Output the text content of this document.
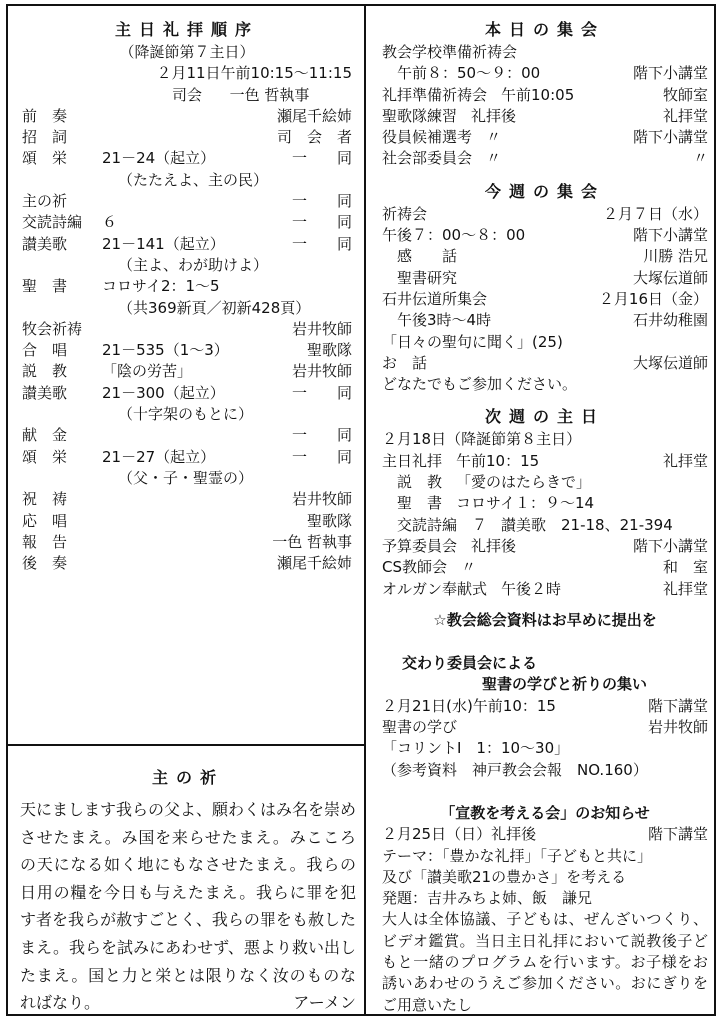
主日礼拝順序
（降誕節第７主日）
２月11日午前10:15～11:15
司会 一色 哲執事
前　奏	瀬尾千絵姉
招　詞	司　会　者
頌　栄	21－24（起立）	一　　同
（たたえよ、主の民）
主の祈	一　　同
交読詩編	６	一　　同
讃美歌	21－141（起立）	一　　同
（主よ、わが助けよ）
聖　書	コロサイ2：1～5
（共369新頁／初新428頁）
牧会祈祷	岩井牧師
合　唱	21－535（1～3）	聖歌隊
説　教	「陰の労苦」	岩井牧師
讃美歌	21－300（起立）	一　　同
（十字架のもとに）
献　金	一　　同
頌　栄	21－27（起立）	一　　同
（父・子・聖霊の）
祝　祷	岩井牧師
応　唱	聖歌隊
報　告	一色 哲執事
後　奏	瀬尾千絵姉
主の祈
天にまします我らの父よ、願わくはみ名を崇めさせたまえ。み国を来らせたまえ。みこころの天になる如く地にもなさせたまえ。我らの日用の糧を今日も与えたまえ。我らに罪を犯す者を我らが赦すごとく、我らの罪をも赦したまえ。我らを試みにあわせず、悪より救い出したまえ。国と力と栄とは限りなく汝のものなればなり。	アーメン
本日の集会
教会学校準備祈祷会
　午前８：50～９：00	階下小講堂
礼拝準備祈祷会 午前10:05	牧師室
聖歌隊練習 礼拝後	礼拝堂
役員候補選考 〃	階下小講堂
社会部委員会 〃	〃
今週の集会
祈祷会	２月７日（水）
午後７：00～８：00	階下小講堂
　感　　話	川勝 浩兄
　聖書研究	大塚伝道師
石井伝道所集会	２月16日（金）
　午後3時～4時	石井幼稚園
「日々の聖句に聞く」(25)
お　話	大塚伝道師
どなたでもご参加ください。
次週の主日
２月18日（降誕節第８主日）
主日礼拝 午前10：15	礼拝堂
　説　教 「愛のはたらきで」
　聖　書 コロサイ１：９～14
　交読詩編　７ 讃美歌　21-18、21-394
予算委員会 礼拝後	階下小講堂
CS教師会 〃	和　室
オルガン奉献式 午後２時	礼拝堂
☆教会総会資料はお早めに提出を
交わり委員会による
聖書の学びと祈りの集い
２月21日(水)午前10：15	階下講堂
聖書の学び	岩井牧師
「コリントⅠ　1：10～30」
（参考資料　神戸教会会報　NO.160）
「宣教を考える会」のお知らせ
２月25日（日）礼拝後	階下講堂
テーマ：「豊かな礼拝」「子どもと共に」
及び「讃美歌21の豊かさ」を考える
発題：吉井みちよ姉、飯　謙兄
大人は全体協議、子どもは、ぜんざいつくり、ビデオ鑑賞。当日主日礼拝において説教後子どもと一緒のプログラムを行います。お子様をお誘いあわせのうえご参加ください。おにぎりをご用意いたし
